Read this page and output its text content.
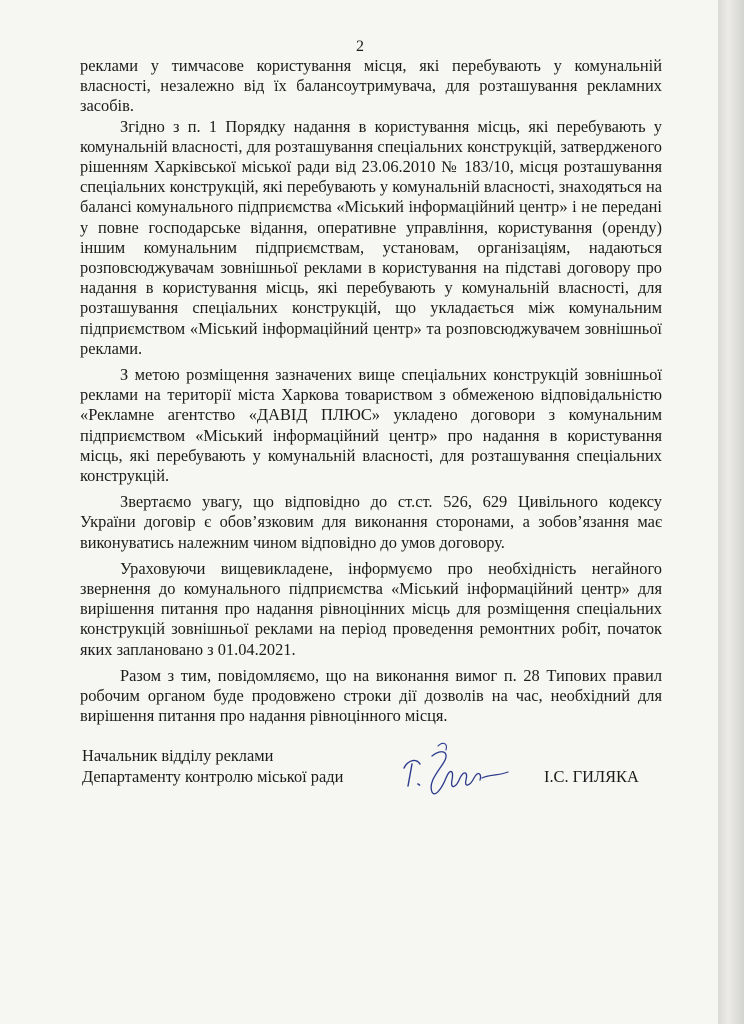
2

реклами у тимчасове користування місця, які перебувають у комунальній власності, незалежно від їх балансоутримувача, для розташування рекламних засобів.

Згідно з п. 1 Порядку надання в користування місць, які перебувають у комунальній власності, для розташування спеціальних конструкцій, затвердженого рішенням Харківської міської ради від 23.06.2010 № 183/10, місця розташування спеціальних конструкцій, які перебувають у комунальній власності, знаходяться на балансі комунального підприємства «Міський інформаційний центр» і не передані у повне господарське відання, оперативне управління, користування (оренду) іншим комунальним підприємствам, установам, організаціям, надаються розповсюджувачам зовнішньої реклами в користування на підставі договору про надання в користування місць, які перебувають у комунальній власності, для розташування спеціальних конструкцій, що укладається між комунальним підприємством «Міський інформаційний центр» та розповсюджувачем зовнішньої реклами.

З метою розміщення зазначених вище спеціальних конструкцій зовнішньої реклами на території міста Харкова товариством з обмеженою відповідальністю «Рекламне агентство «ДАВІД ПЛЮС» укладено договори з комунальним підприємством «Міський інформаційний центр» про надання в користування місць, які перебувають у комунальній власності, для розташування спеціальних конструкцій.

Звертаємо увагу, що відповідно до ст.ст. 526, 629 Цивільного кодексу України договір є обов’язковим для виконання сторонами, а зобов’язання має виконуватись належним чином відповідно до умов договору.

Ураховуючи вищевикладене, інформуємо про необхідність негайного звернення до комунального підприємства «Міський інформаційний центр» для вирішення питання про надання рівноцінних місць для розміщення спеціальних конструкцій зовнішньої реклами на період проведення ремонтних робіт, початок яких заплановано з 01.04.2021.

Разом з тим, повідомляємо, що на виконання вимог п. 28 Типових правил робочим органом буде продовжено строки дії дозволів на час, необхідний для вирішення питання про надання рівноцінного місця.

Начальник відділу реклами
Департаменту контролю міської ради	І.С. ГИЛЯКА
